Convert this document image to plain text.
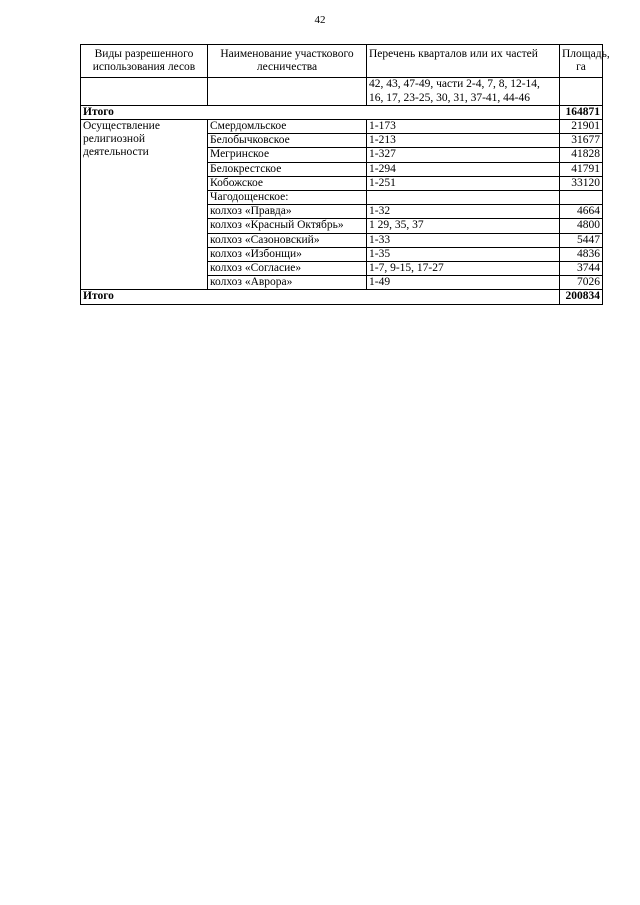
42
Виды разрешенного использования лесов	Наименование участкового лесничества	Перечень кварталов или их частей	Площадь, га
		42, 43, 47-49, части 2-4, 7, 8, 12-14, 16, 17, 23-25, 30, 31, 37-41, 44-46	
Итого			164871
Осуществление религиозной деятельности	Смердомльское	1-173	21901
	Белобычковское	1-213	31677
	Мегринское	1-327	41828
	Белокрестское	1-294	41791
	Кобожское	1-251	33120
	Чагодощенское:		
	колхоз «Правда»	1-32	4664
	колхоз «Красный Октябрь»	1 29, 35, 37	4800
	колхоз «Сазоновский»	1-33	5447
	колхоз «Избонщи»	1-35	4836
	колхоз «Согласие»	1-7, 9-15, 17-27	3744
	колхоз «Аврора»	1-49	7026
Итого			200834
